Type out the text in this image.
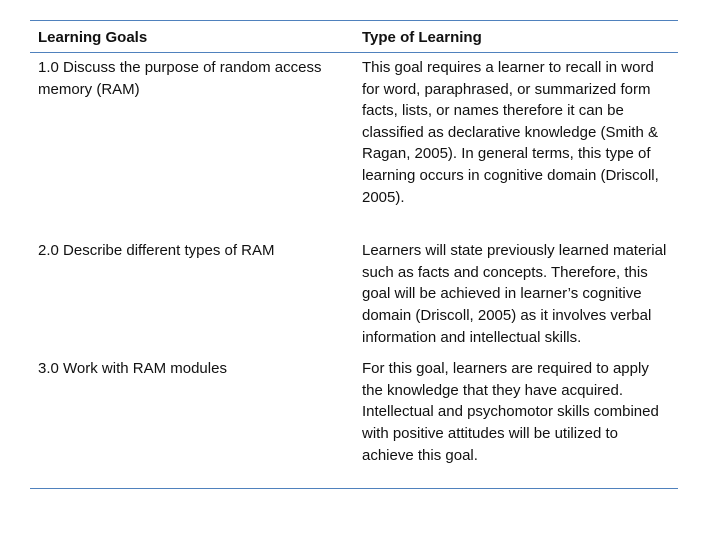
Learning Goals	Type of Learning
1.0 Discuss the purpose of random access memory (RAM)	This goal requires a learner to recall in word for word, paraphrased, or summarized form facts, lists, or names therefore it can be classified as declarative knowledge (Smith & Ragan, 2005). In general terms, this type of learning occurs in cognitive domain (Driscoll, 2005).
2.0 Describe different types of RAM	Learners will state previously learned material such as facts and concepts. Therefore, this goal will be achieved in learner’s cognitive domain (Driscoll, 2005) as it involves verbal information and intellectual skills.
3.0 Work with RAM modules	For this goal, learners are required to apply the knowledge that they have acquired. Intellectual and psychomotor skills combined with positive attitudes will be utilized to achieve this goal.
